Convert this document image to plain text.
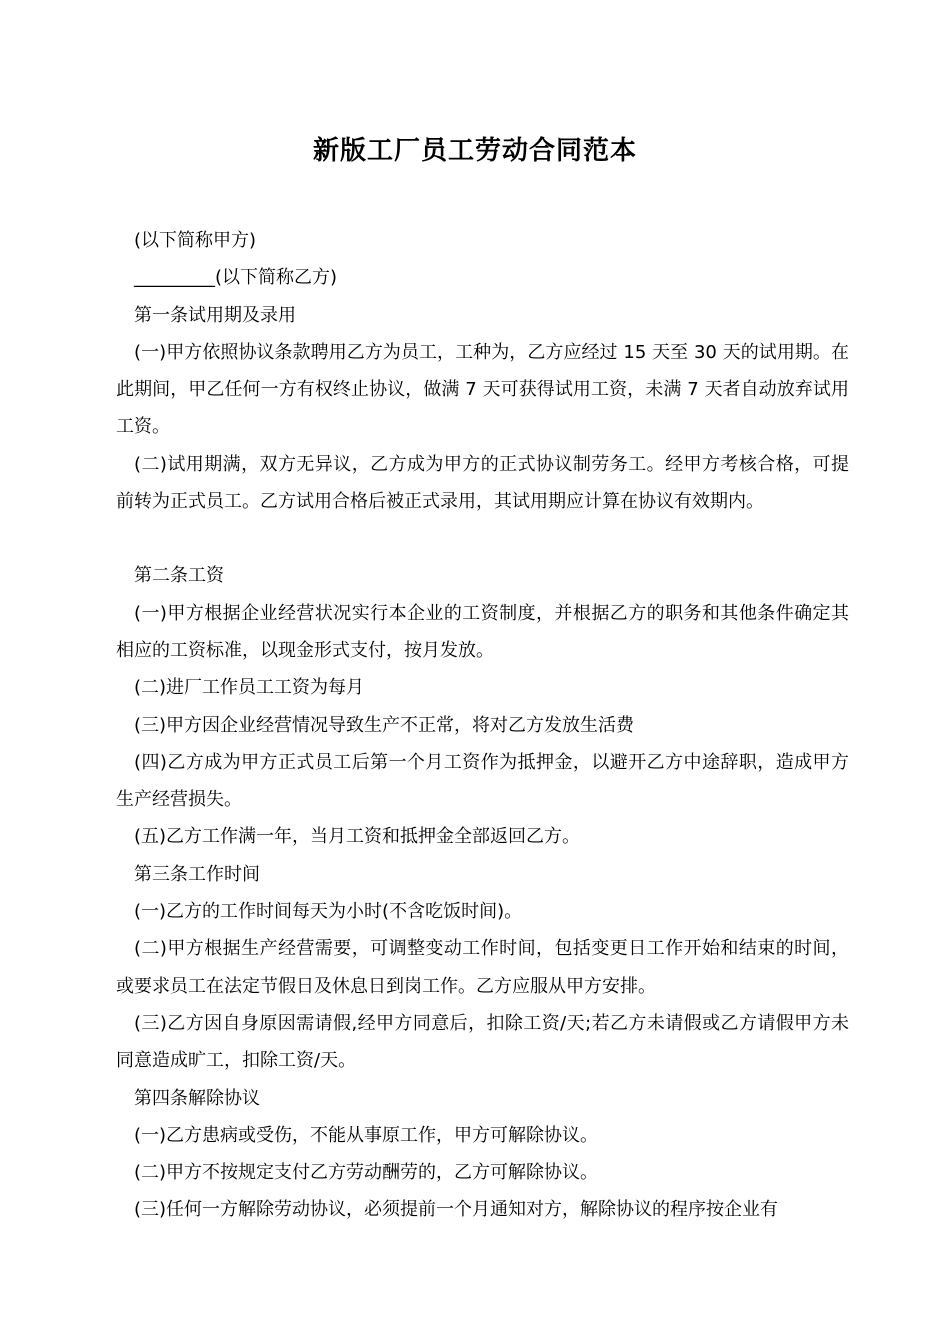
新版工厂员工劳动合同范本

(以下简称甲方)

_________(以下简称乙方)

第一条试用期及录用

(一)甲方依照协议条款聘用乙方为员工，工种为，乙方应经过 15 天至 30 天的试用期。在此期间，甲乙任何一方有权终止协议，做满 7 天可获得试用工资，未满 7 天者自动放弃试用工资。

(二)试用期满，双方无异议，乙方成为甲方的正式协议制劳务工。经甲方考核合格，可提前转为正式员工。乙方试用合格后被正式录用，其试用期应计算在协议有效期内。

第二条工资

(一)甲方根据企业经营状况实行本企业的工资制度，并根据乙方的职务和其他条件确定其相应的工资标准，以现金形式支付，按月发放。

(二)进厂工作员工工资为每月

(三)甲方因企业经营情况导致生产不正常，将对乙方发放生活费

(四)乙方成为甲方正式员工后第一个月工资作为抵押金，以避开乙方中途辞职，造成甲方生产经营损失。

(五)乙方工作满一年，当月工资和抵押金全部返回乙方。

第三条工作时间

(一)乙方的工作时间每天为小时(不含吃饭时间)。

(二)甲方根据生产经营需要，可调整变动工作时间，包括变更日工作开始和结束的时间，或要求员工在法定节假日及休息日到岗工作。乙方应服从甲方安排。

(三)乙方因自身原因需请假,经甲方同意后，扣除工资/天;若乙方未请假或乙方请假甲方未同意造成旷工，扣除工资/天。

第四条解除协议

(一)乙方患病或受伤，不能从事原工作，甲方可解除协议。

(二)甲方不按规定支付乙方劳动酬劳的，乙方可解除协议。

(三)任何一方解除劳动协议，必须提前一个月通知对方，解除协议的程序按企业有
